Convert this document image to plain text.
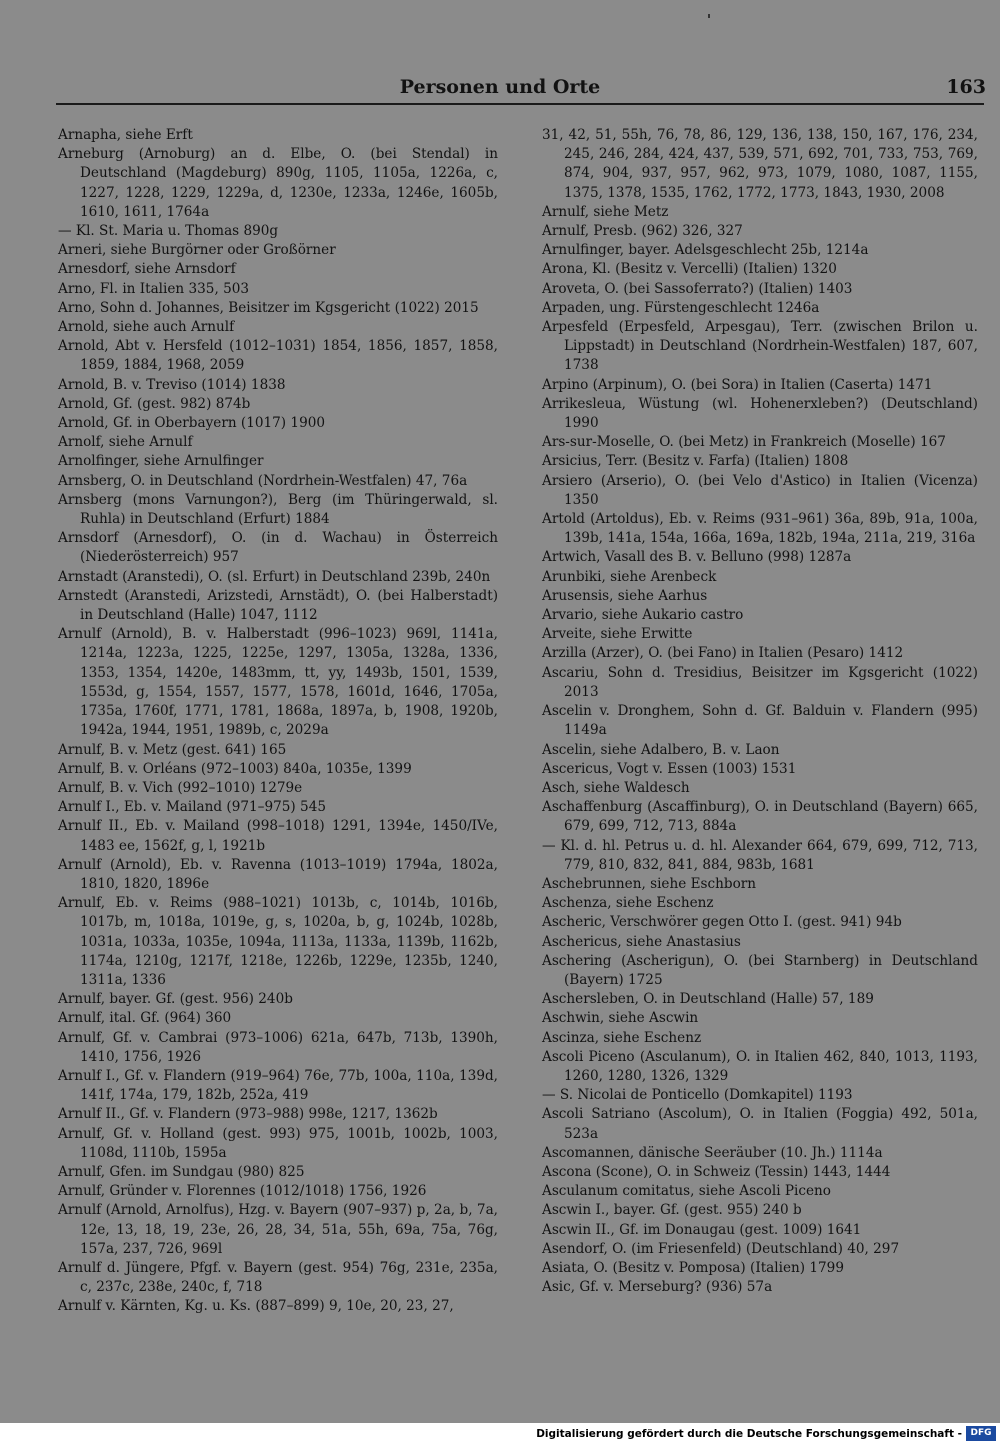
Personen und Orte	163

Arnapha, siehe Erft

Arneburg (Arnoburg) an d. Elbe, O. (bei Stendal) in Deutschland (Magdeburg) 890g, 1105, 1105a, 1226a, c, 1227, 1228, 1229, 1229a, d, 1230e, 1233a, 1246e, 1605b, 1610, 1611, 1764a

— Kl. St. Maria u. Thomas 890g

Arneri, siehe Burgörner oder Großörner

Arnesdorf, siehe Arnsdorf

Arno, Fl. in Italien 335, 503

Arno, Sohn d. Johannes, Beisitzer im Kgsgericht (1022) 2015

Arnold, siehe auch Arnulf

Arnold, Abt v. Hersfeld (1012–1031) 1854, 1856, 1857, 1858, 1859, 1884, 1968, 2059

Arnold, B. v. Treviso (1014) 1838

Arnold, Gf. (gest. 982) 874b

Arnold, Gf. in Oberbayern (1017) 1900

Arnolf, siehe Arnulf

Arnolfinger, siehe Arnulfinger

Arnsberg, O. in Deutschland (Nordrhein-Westfalen) 47, 76a

Arnsberg (mons Varnungon?), Berg (im Thüringerwald, sl. Ruhla) in Deutschland (Erfurt) 1884

Arnsdorf (Arnesdorf), O. (in d. Wachau) in Österreich (Niederösterreich) 957

Arnstadt (Aranstedi), O. (sl. Erfurt) in Deutschland 239b, 240n

Arnstedt (Aranstedi, Arizstedi, Arnstädt), O. (bei Halberstadt) in Deutschland (Halle) 1047, 1112

Arnulf (Arnold), B. v. Halberstadt (996–1023) 969l, 1141a, 1214a, 1223a, 1225, 1225e, 1297, 1305a, 1328a, 1336, 1353, 1354, 1420e, 1483mm, tt, yy, 1493b, 1501, 1539, 1553d, g, 1554, 1557, 1577, 1578, 1601d, 1646, 1705a, 1735a, 1760f, 1771, 1781, 1868a, 1897a, b, 1908, 1920b, 1942a, 1944, 1951, 1989b, c, 2029a

Arnulf, B. v. Metz (gest. 641) 165

Arnulf, B. v. Orléans (972–1003) 840a, 1035e, 1399

Arnulf, B. v. Vich (992–1010) 1279e

Arnulf I., Eb. v. Mailand (971–975) 545

Arnulf II., Eb. v. Mailand (998–1018) 1291, 1394e, 1450/IVe, 1483 ee, 1562f, g, l, 1921b

Arnulf (Arnold), Eb. v. Ravenna (1013–1019) 1794a, 1802a, 1810, 1820, 1896e

Arnulf, Eb. v. Reims (988–1021) 1013b, c, 1014b, 1016b, 1017b, m, 1018a, 1019e, g, s, 1020a, b, g, 1024b, 1028b, 1031a, 1033a, 1035e, 1094a, 1113a, 1133a, 1139b, 1162b, 1174a, 1210g, 1217f, 1218e, 1226b, 1229e, 1235b, 1240, 1311a, 1336

Arnulf, bayer. Gf. (gest. 956) 240b

Arnulf, ital. Gf. (964) 360

Arnulf, Gf. v. Cambrai (973–1006) 621a, 647b, 713b, 1390h, 1410, 1756, 1926

Arnulf I., Gf. v. Flandern (919–964) 76e, 77b, 100a, 110a, 139d, 141f, 174a, 179, 182b, 252a, 419

Arnulf II., Gf. v. Flandern (973–988) 998e, 1217, 1362b

Arnulf, Gf. v. Holland (gest. 993) 975, 1001b, 1002b, 1003, 1108d, 1110b, 1595a

Arnulf, Gfen. im Sundgau (980) 825

Arnulf, Gründer v. Florennes (1012/1018) 1756, 1926

Arnulf (Arnold, Arnolfus), Hzg. v. Bayern (907–937) p, 2a, b, 7a, 12e, 13, 18, 19, 23e, 26, 28, 34, 51a, 55h, 69a, 75a, 76g, 157a, 237, 726, 969l

Arnulf d. Jüngere, Pfgf. v. Bayern (gest. 954) 76g, 231e, 235a, c, 237c, 238e, 240c, f, 718

Arnulf v. Kärnten, Kg. u. Ks. (887–899) 9, 10e, 20, 23, 27,

31, 42, 51, 55h, 76, 78, 86, 129, 136, 138, 150, 167, 176, 234, 245, 246, 284, 424, 437, 539, 571, 692, 701, 733, 753, 769, 874, 904, 937, 957, 962, 973, 1079, 1080, 1087, 1155, 1375, 1378, 1535, 1762, 1772, 1773, 1843, 1930, 2008

Arnulf, siehe Metz

Arnulf, Presb. (962) 326, 327

Arnulfinger, bayer. Adelsgeschlecht 25b, 1214a

Arona, Kl. (Besitz v. Vercelli) (Italien) 1320

Aroveta, O. (bei Sassoferrato?) (Italien) 1403

Arpaden, ung. Fürstengeschlecht 1246a

Arpesfeld (Erpesfeld, Arpesgau), Terr. (zwischen Brilon u. Lippstadt) in Deutschland (Nordrhein-Westfalen) 187, 607, 1738

Arpino (Arpinum), O. (bei Sora) in Italien (Caserta) 1471

Arrikesleua, Wüstung (wl. Hohenerxleben?) (Deutschland) 1990

Ars-sur-Moselle, O. (bei Metz) in Frankreich (Moselle) 167

Arsicius, Terr. (Besitz v. Farfa) (Italien) 1808

Arsiero (Arserio), O. (bei Velo d'Astico) in Italien (Vicenza) 1350

Artold (Artoldus), Eb. v. Reims (931–961) 36a, 89b, 91a, 100a, 139b, 141a, 154a, 166a, 169a, 182b, 194a, 211a, 219, 316a

Artwich, Vasall des B. v. Belluno (998) 1287a

Arunbiki, siehe Arenbeck

Arusensis, siehe Aarhus

Arvario, siehe Aukario castro

Arveite, siehe Erwitte

Arzilla (Arzer), O. (bei Fano) in Italien (Pesaro) 1412

Ascariu, Sohn d. Tresidius, Beisitzer im Kgsgericht (1022) 2013

Ascelin v. Dronghem, Sohn d. Gf. Balduin v. Flandern (995) 1149a

Ascelin, siehe Adalbero, B. v. Laon

Ascericus, Vogt v. Essen (1003) 1531

Asch, siehe Waldesch

Aschaffenburg (Ascaffinburg), O. in Deutschland (Bayern) 665, 679, 699, 712, 713, 884a

— Kl. d. hl. Petrus u. d. hl. Alexander 664, 679, 699, 712, 713, 779, 810, 832, 841, 884, 983b, 1681

Aschebrunnen, siehe Eschborn

Aschenza, siehe Eschenz

Ascheric, Verschwörer gegen Otto I. (gest. 941) 94b

Aschericus, siehe Anastasius

Aschering (Ascherigun), O. (bei Starnberg) in Deutschland (Bayern) 1725

Aschersleben, O. in Deutschland (Halle) 57, 189

Aschwin, siehe Ascwin

Ascinza, siehe Eschenz

Ascoli Piceno (Asculanum), O. in Italien 462, 840, 1013, 1193, 1260, 1280, 1326, 1329

— S. Nicolai de Ponticello (Domkapitel) 1193

Ascoli Satriano (Ascolum), O. in Italien (Foggia) 492, 501a, 523a

Ascomannen, dänische Seeräuber (10. Jh.) 1114a

Ascona (Scone), O. in Schweiz (Tessin) 1443, 1444

Asculanum comitatus, siehe Ascoli Piceno

Ascwin I., bayer. Gf. (gest. 955) 240 b

Ascwin II., Gf. im Donaugau (gest. 1009) 1641

Asendorf, O. (im Friesenfeld) (Deutschland) 40, 297

Asiata, O. (Besitz v. Pomposa) (Italien) 1799

Asic, Gf. v. Merseburg? (936) 57a

Digitalisierung gefördert durch die Deutsche Forschungsgemeinschaft - DFG
